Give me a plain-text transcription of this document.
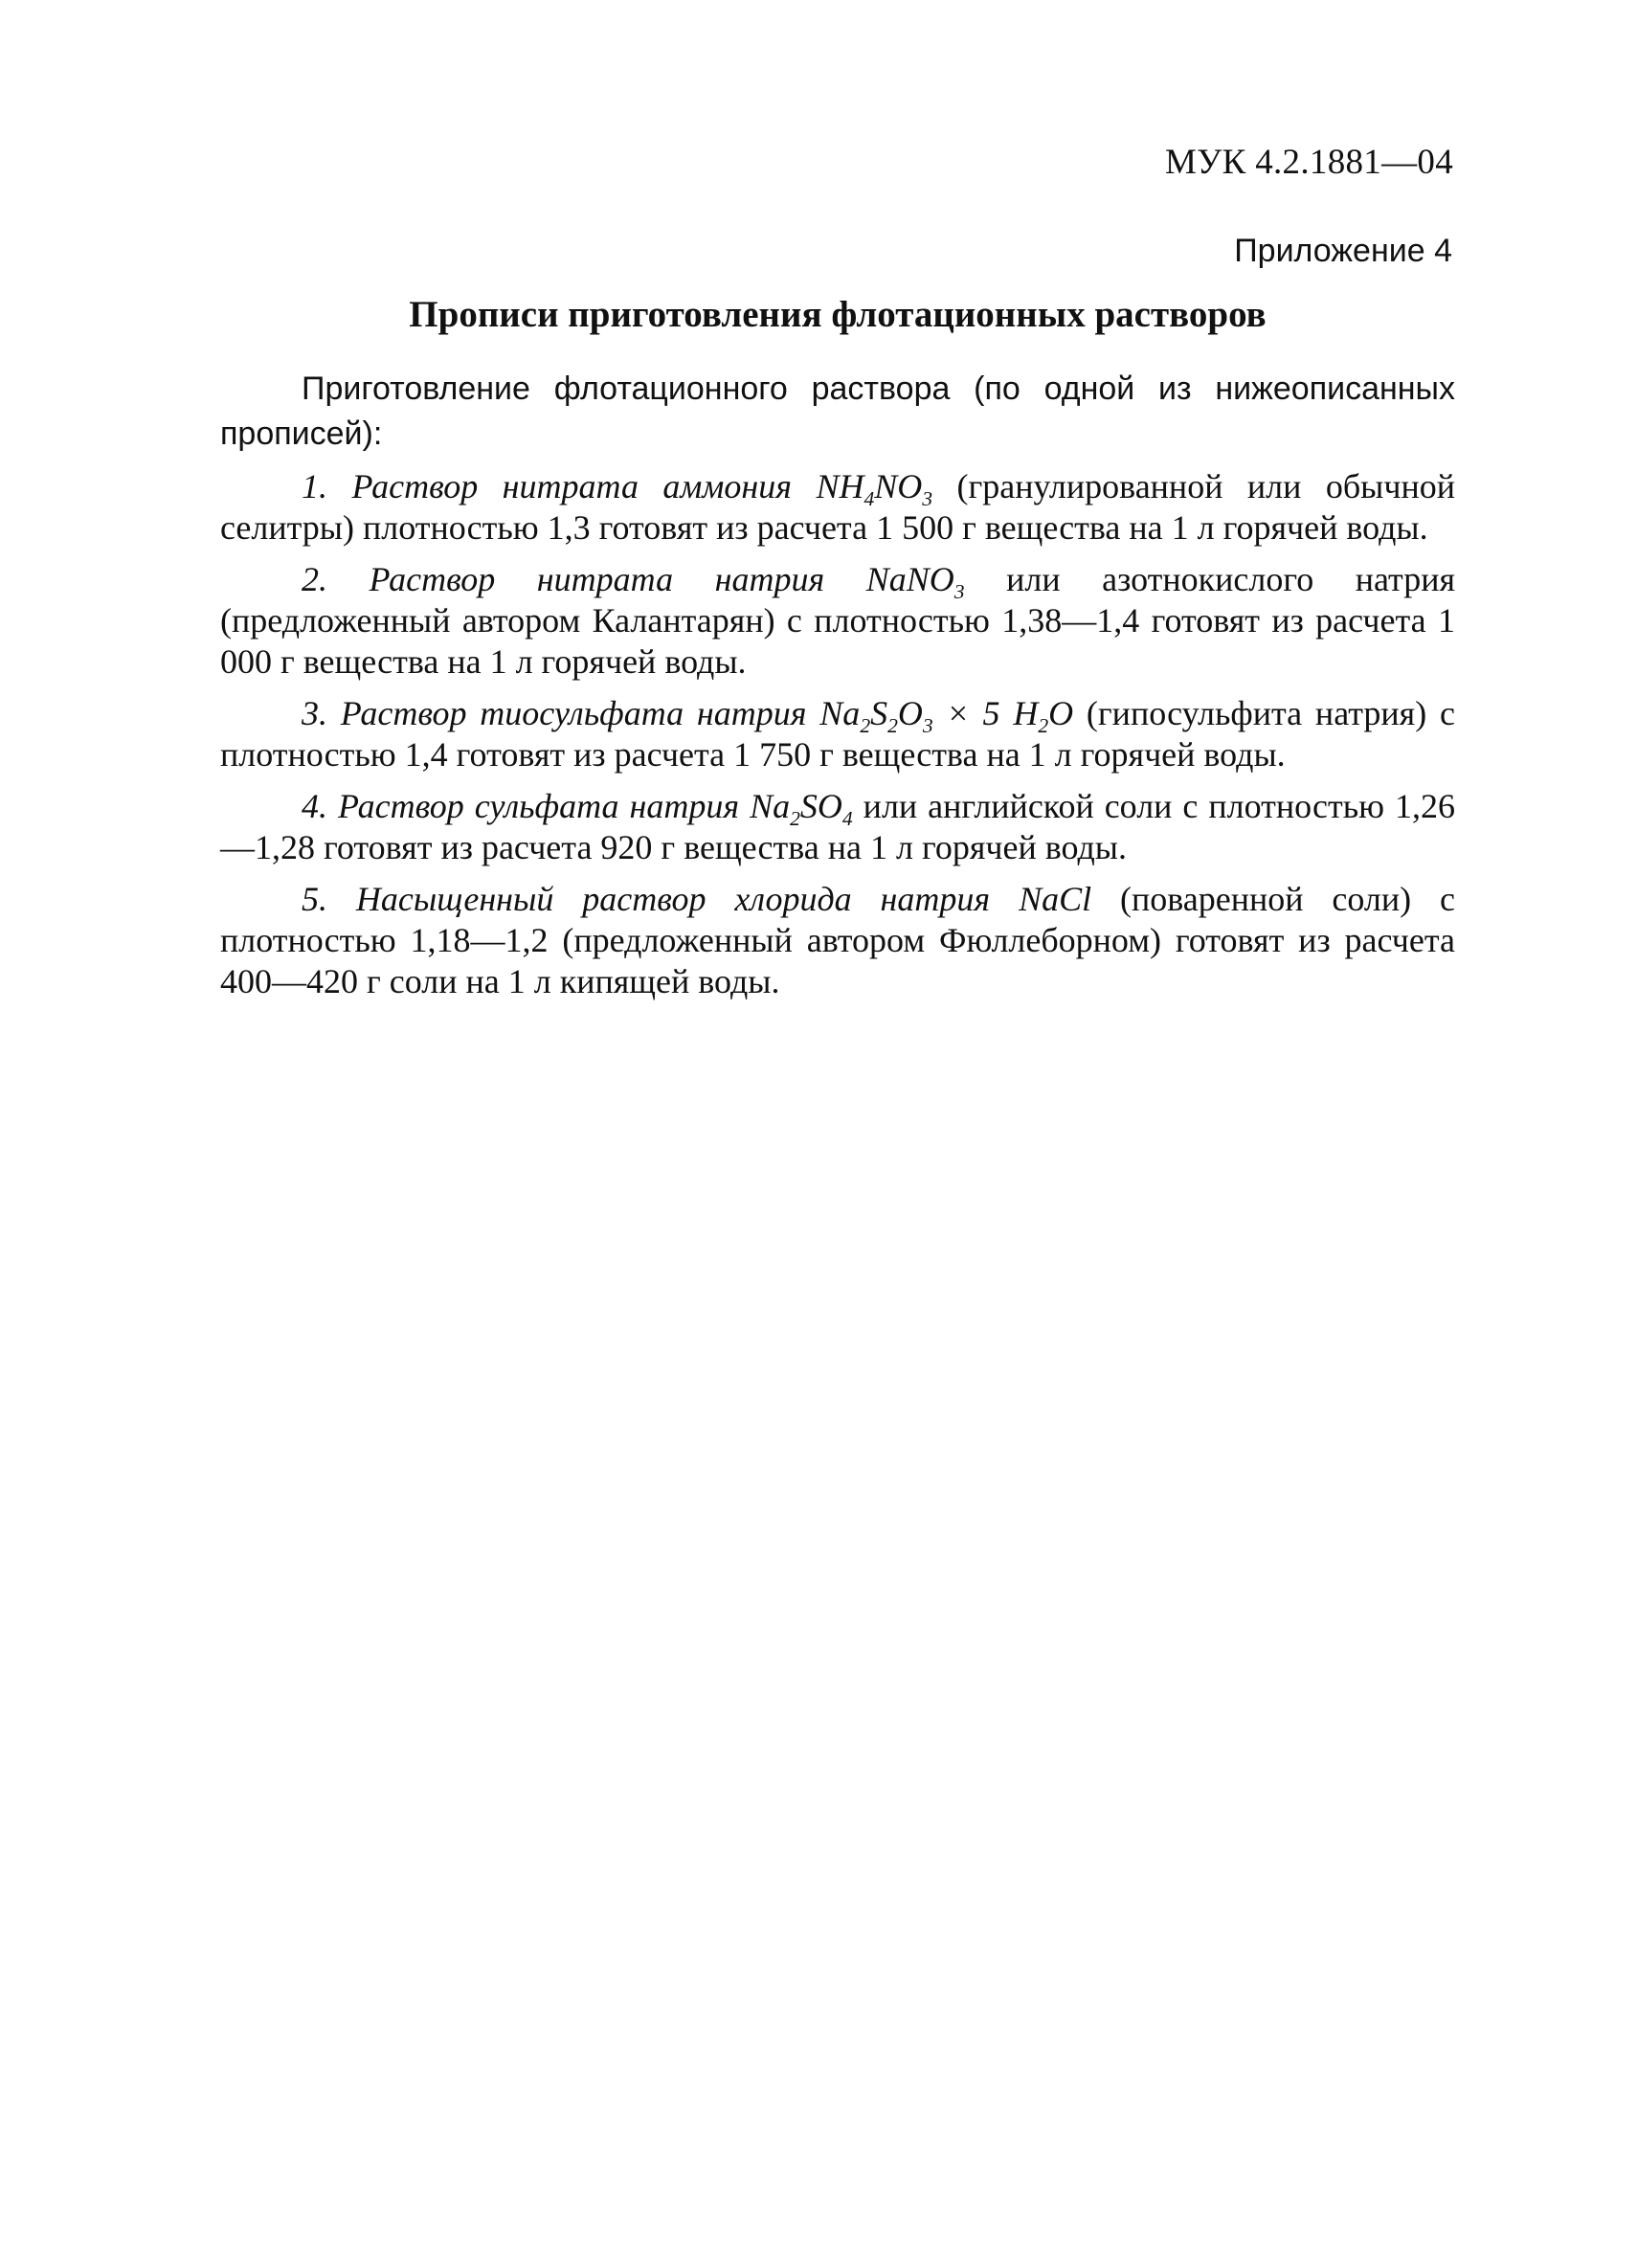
МУК 4.2.1881—04
Приложение 4
Прописи приготовления флотационных растворов

Приготовление флотационного раствора (по одной из нижеописанных прописей):

1. Раствор нитрата аммония $NH_4NO_3$ (гранулированной или обычной селитры) плотностью 1,3 готовят из расчета 1 500 г вещества на 1 л горячей воды.

2. Раствор нитрата натрия NaNO$_3$ или азотнокислого натрия (предложенный автором Калантарян) с плотностью 1,38—1,4 готовят из расчета 1 000 г вещества на 1 л горячей воды.

3. Раствор тиосульфата натрия $Na_2S_2O_3 \times 5$ $H_2O$ (гипосульфита натрия) с плотностью 1,4 готовят из расчета 1 750 г вещества на 1 л горячей воды.

4. Раствор сульфата натрия $Na_2SO_4$ или английской соли с плотностью 1,26—1,28 готовят из расчета 920 г вещества на 1 л горячей воды.

5. Насыщенный раствор хлорида натрия NaCl (поваренной соли) с плотностью 1,18—1,2 (предложенный автором Фюллеборном) готовят из расчета 400—420 г соли на 1 л кипящей воды.
